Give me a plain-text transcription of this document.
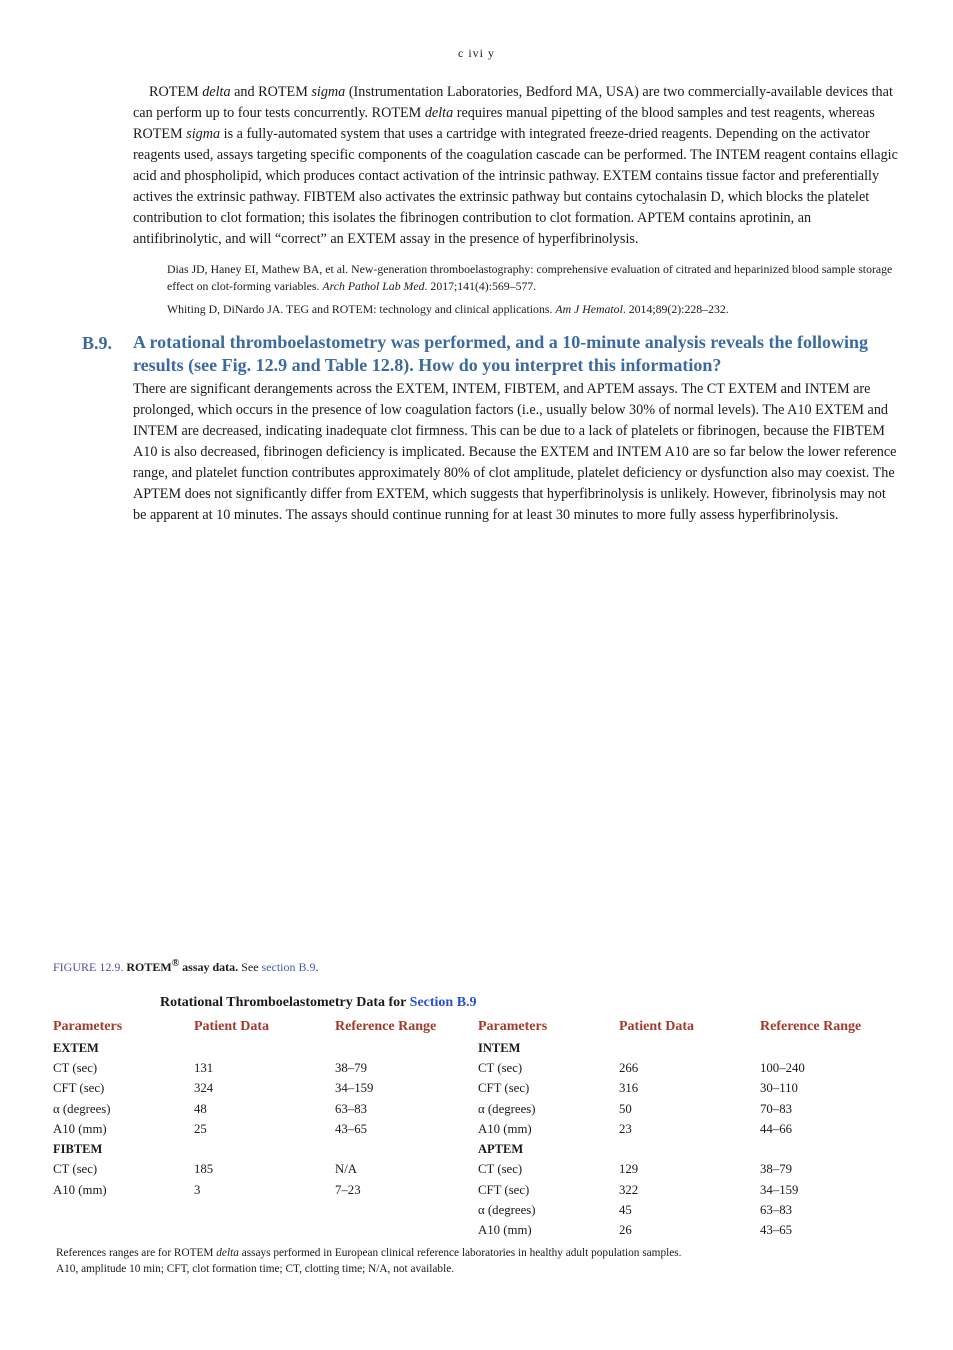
c ivi y

ROTEM delta and ROTEM sigma (Instrumentation Laboratories, Bedford MA, USA) are two commercially-available devices that can perform up to four tests concurrently. ROTEM delta requires manual pipetting of the blood samples and test reagents, whereas ROTEM sigma is a fully-automated system that uses a cartridge with integrated freeze-dried reagents. Depending on the activator reagents used, assays targeting specific components of the coagulation cascade can be performed. The INTEM reagent contains ellagic acid and phospholipid, which produces contact activation of the intrinsic pathway. EXTEM contains tissue factor and preferentially actives the extrinsic pathway. FIBTEM also activates the extrinsic pathway but contains cytochalasin D, which blocks the platelet contribution to clot formation; this isolates the fibrinogen contribution to clot formation. APTEM contains aprotinin, an antifibrinolytic, and will “correct” an EXTEM assay in the presence of hyperfibrinolysis.

Dias JD, Haney EI, Mathew BA, et al. New-generation thromboelastography: comprehensive evaluation of citrated and heparinized blood sample storage effect on clot-forming variables. Arch Pathol Lab Med. 2017;141(4):569–577.

Whiting D, DiNardo JA. TEG and ROTEM: technology and clinical applications. Am J Hematol. 2014;89(2):228–232.

B.9. A rotational thromboelastometry was performed, and a 10-minute analysis reveals the following results (see Fig. 12.9 and Table 12.8). How do you interpret this information?
There are significant derangements across the EXTEM, INTEM, FIBTEM, and APTEM assays. The CT EXTEM and INTEM are prolonged, which occurs in the presence of low coagulation factors (i.e., usually below 30% of normal levels). The A10 EXTEM and INTEM are decreased, indicating inadequate clot firmness. This can be due to a lack of platelets or fibrinogen, because the FIBTEM A10 is also decreased, fibrinogen deficiency is implicated. Because the EXTEM and INTEM A10 are so far below the lower reference range, and platelet function contributes approximately 80% of clot amplitude, platelet deficiency or dysfunction also may coexist. The APTEM does not significantly differ from EXTEM, which suggests that hyperfibrinolysis is unlikely. However, fibrinolysis may not be apparent at 10 minutes. The assays should continue running for at least 30 minutes to more fully assess hyperfibrinolysis.
FIGURE 12.9. ROTEM® assay data. See section B.9.
Rotational Thromboelastometry Data for Section B.9
Parameters	Patient Data	Reference Range	Parameters	Patient Data	Reference Range
EXTEM			INTEM		
CT (sec)	131	38–79	CT (sec)	266	100–240
CFT (sec)	324	34–159	CFT (sec)	316	30–110
α (degrees)	48	63–83	α (degrees)	50	70–83
A10 (mm)	25	43–65	A10 (mm)	23	44–66
FIBTEM			APTEM		
CT (sec)	185	N/A	CT (sec)	129	38–79
A10 (mm)	3	7–23	CFT (sec)	322	34–159
			α (degrees)	45	63–83
			A10 (mm)	26	43–65

References ranges are for ROTEM delta assays performed in European clinical reference laboratories in healthy adult population samples.

A10, amplitude 10 min; CFT, clot formation time; CT, clotting time; N/A, not available.
